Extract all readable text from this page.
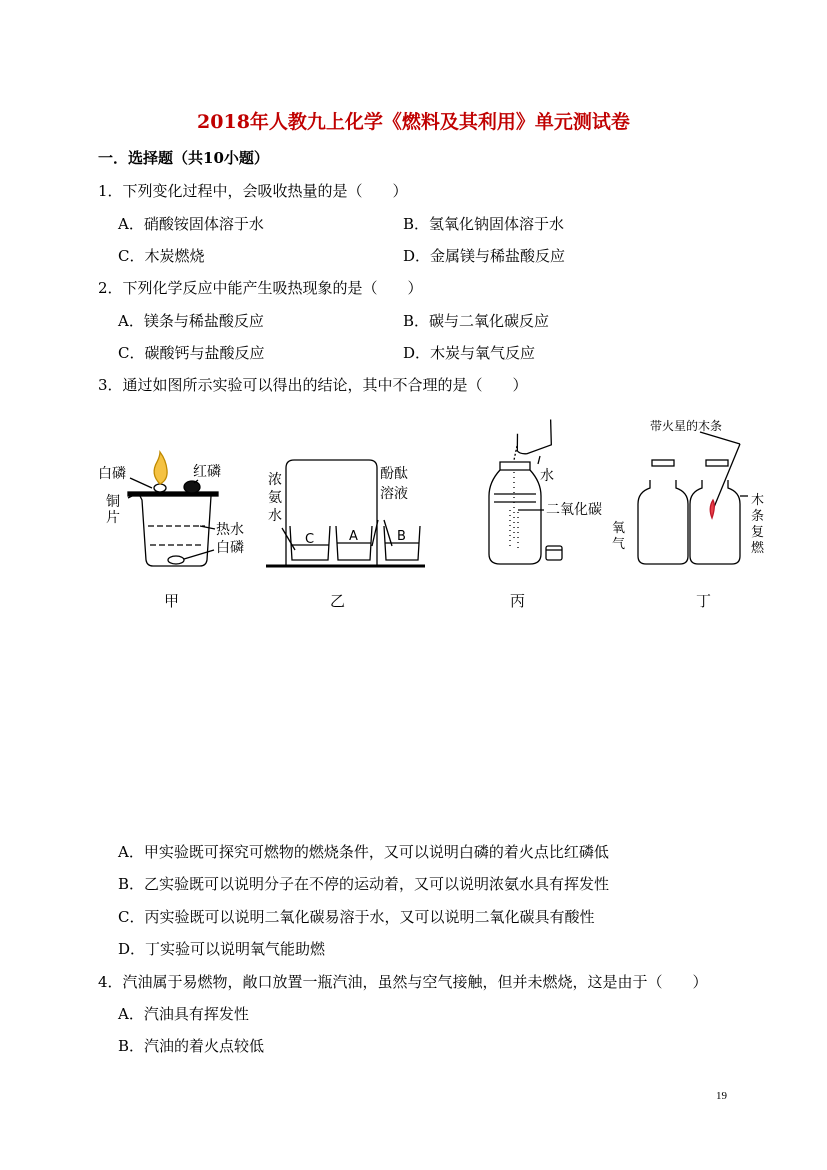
2018年人教九上化学《燃料及其利用》单元测试卷
一．选择题（共10小题）
1．下列变化过程中，会吸收热量的是（　　）
A．硝酸铵固体溶于水	B．氢氧化钠固体溶于水
C．木炭燃烧	D．金属镁与稀盐酸反应
2．下列化学反应中能产生吸热现象的是（　　）
A．镁条与稀盐酸反应	B．碳与二氧化碳反应
C．碳酸钙与盐酸反应	D．木炭与氧气反应
3．通过如图所示实验可以得出的结论，其中不合理的是（　　）
白磷	红磷
铜
片
热水
白磷
甲
浓
氨
水
酚酞
溶液
C	A	B
乙
水
二氧化碳
丙
带火星的木条
氧
气
木
条
复
燃
丁
A．甲实验既可探究可燃物的燃烧条件，又可以说明白磷的着火点比红磷低
B．乙实验既可以说明分子在不停的运动着，又可以说明浓氨水具有挥发性
C．丙实验既可以说明二氧化碳易溶于水，又可以说明二氧化碳具有酸性
D．丁实验可以说明氧气能助燃
4．汽油属于易燃物，敞口放置一瓶汽油，虽然与空气接触，但并未燃烧，这是由于（　　）
A．汽油具有挥发性
B．汽油的着火点较低
19
